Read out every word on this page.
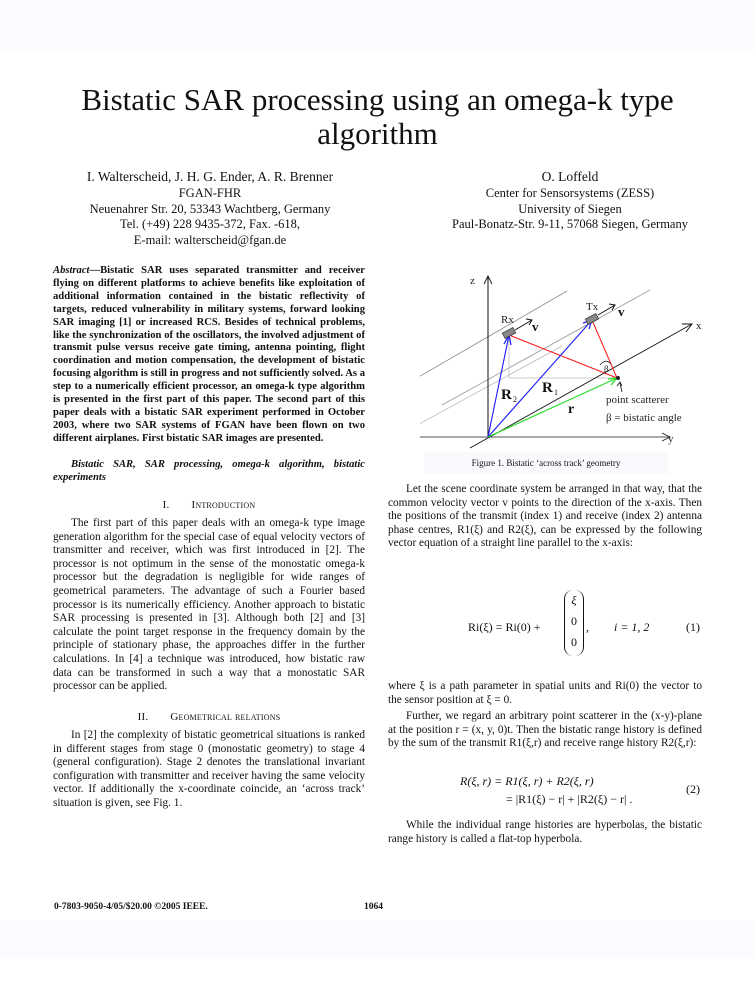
Bistatic SAR processing using an omega-k type algorithm
I. Walterscheid, J. H. G. Ender, A. R. Brenner
FGAN-FHR
Neuenahrer Str. 20, 53343 Wachtberg, Germany
Tel. (+49) 228 9435-372, Fax. -618,
E-mail: walterscheid@fgan.de
O. Loffeld
Center for Sensorsystems (ZESS)
University of Siegen
Paul-Bonatz-Str. 9-11, 57068 Siegen, Germany
Abstract—Bistatic SAR uses separated transmitter and receiver flying on different platforms to achieve benefits like exploitation of additional information contained in the bistatic reflectivity of targets, reduced vulnerability in military systems, forward looking SAR imaging [1] or increased RCS. Besides of technical problems, like the synchronization of the oscillators, the involved adjustment of transmit pulse versus receive gate timing, antenna pointing, flight coordination and motion compensation, the development of bistatic focusing algorithm is still in progress and not sufficiently solved. As a step to a numerically efficient processor, an omega-k type algorithm is presented in the first part of this paper. The second part of this paper deals with a bistatic SAR experiment performed in October 2003, where two SAR systems of FGAN have been flown on two different airplanes. First bistatic SAR images are presented.
Bistatic SAR, SAR processing, omega-k algorithm, bistatic experiments
I. Introduction

The first part of this paper deals with an omega-k type image generation algorithm for the special case of equal velocity vectors of transmitter and receiver, which was first introduced in [2]. The processor is not optimum in the sense of the monostatic omega-k processor but the degradation is negligible for wide ranges of geometrical parameters. The advantage of such a Fourier based processor is its numerically efficiency. Another approach to bistatic SAR processing is presented in [3]. Although both [2] and [3] calculate the point target response in the frequency domain by the principle of stationary phase, the approaches differ in the further calculations. In [4] a technique was introduced, how bistatic raw data can be transformed in such a way that a monostatic SAR processor can be applied.

II. Geometrical relations

In [2] the complexity of bistatic geometrical situations is ranked in different stages from stage 0 (monostatic geometry) to stage 4 (general configuration). Stage 2 denotes the translational invariant configuration with transmitter and receiver having the same velocity vector. If additionally the x-coordinate coincide, an ‘across track’ situation is given, see Fig. 1.

z
x
y
Rx
Tx
v
v
R 2
R 1
r
β
point scatterer
β = bistatic angle
Figure 1. Bistatic ‘across track’ geometry

Let the scene coordinate system be arranged in that way, that the common velocity vector v points to the direction of the x-axis. Then the positions of the transmit (index 1) and receive (index 2) antenna phase centres, R1(ξ) and R2(ξ), can be expressed by the following vector equation of a straight line parallel to the x-axis:

Ri(ξ) = Ri(0) +
ξ
0
0
, i = 1, 2	(1)

where ξ is a path parameter in spatial units and Ri(0) the vector to the sensor position at ξ = 0.

Further, we regard an arbitrary point scatterer in the (x-y)-plane at the position r = (x, y, 0)t. Then the bistatic range history is defined by the sum of the transmit R1(ξ,r) and receive range history R2(ξ,r):

R(ξ, r) = R1(ξ, r) + R2(ξ, r)
= |R1(ξ) − r| + |R2(ξ) − r| .
(2)

While the individual range histories are hyperbolas, the bistatic range history is called a flat-top hyperbola.

0-7803-9050-4/05/$20.00 ©2005 IEEE.	1064
